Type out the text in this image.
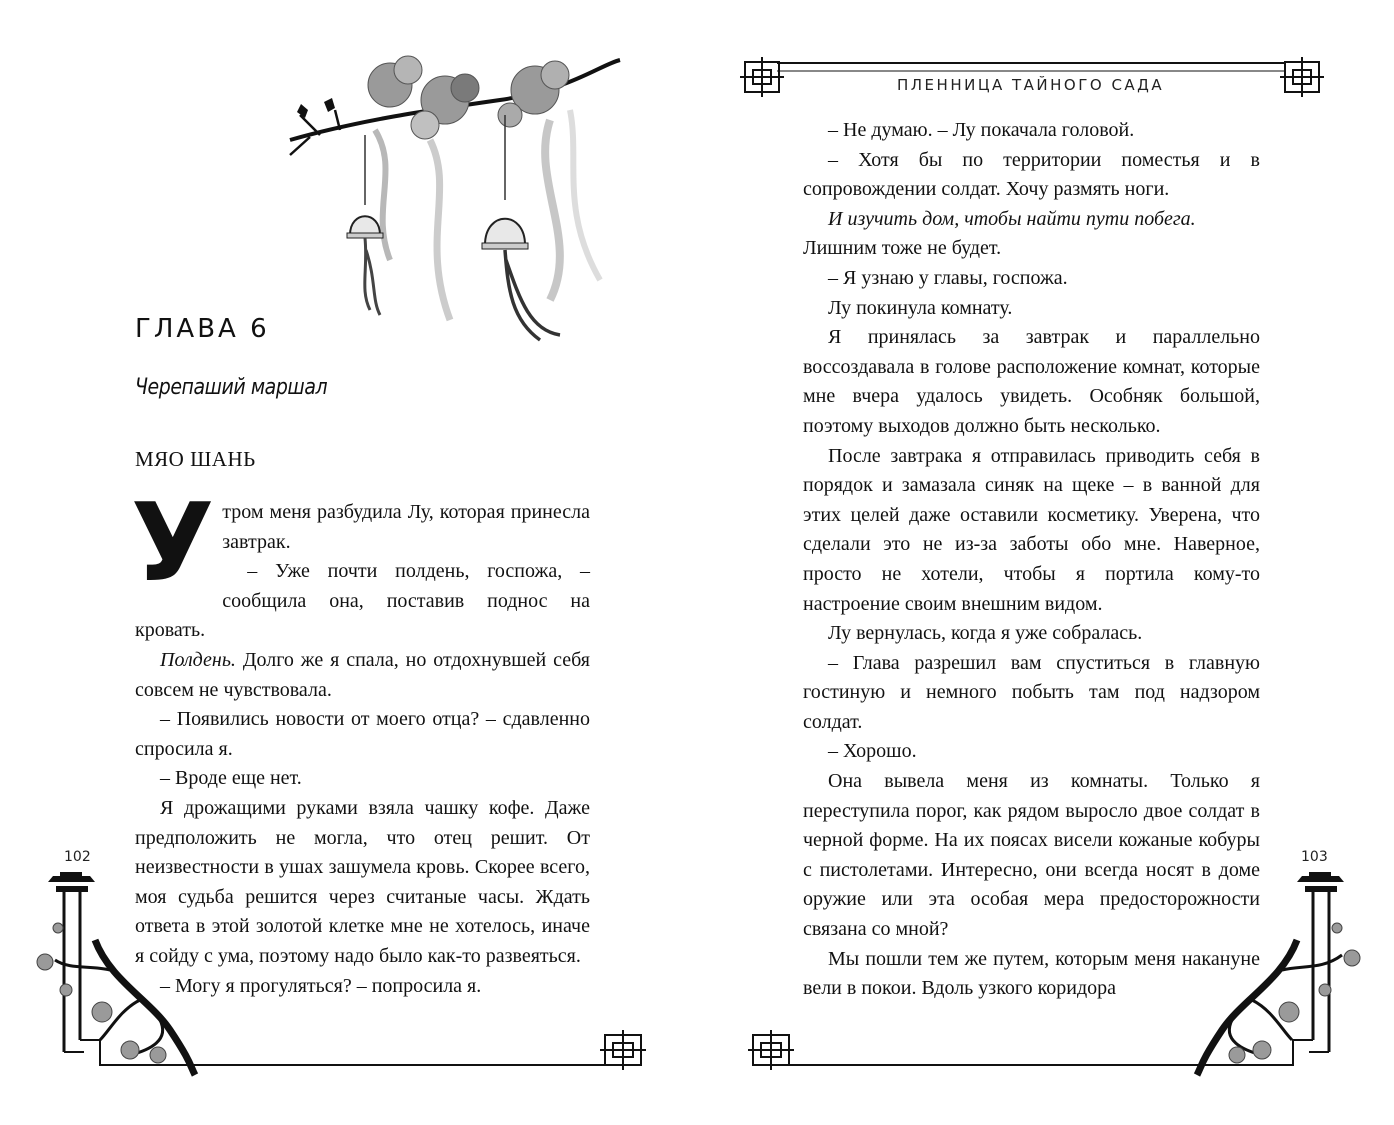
ГЛАВА 6
Черепаший маршал
МЯО ШАНЬ

Утром меня разбудила Лу, которая принесла завтрак.

– Уже почти полдень, госпожа, – сообщила она, поставив поднос на кровать.

Полдень. Долго же я спала, но отдохнувшей себя совсем не чувствовала.

– Появились новости от моего отца? – сдавленно спросила я.

– Вроде еще нет.

Я дрожащими руками взяла чашку кофе. Даже предположить не могла, что отец решит. От неизвестности в ушах зашумела кровь. Скорее всего, моя судьба решится через считаные часы. Ждать ответа в этой золотой клетке мне не хотелось, иначе я сойду с ума, поэтому надо было как-то развеяться.

– Могу я прогуляться? – попросила я.

102
ПЛЕННИЦА ТАЙНОГО САДА

– Не думаю. – Лу покачала головой.

– Хотя бы по территории поместья и в сопровождении солдат. Хочу размять ноги.

И изучить дом, чтобы найти пути побега.

Лишним тоже не будет.

– Я узнаю у главы, госпожа.

Лу покинула комнату.

Я принялась за завтрак и параллельно воссоздавала в голове расположение комнат, которые мне вчера удалось увидеть. Особняк большой, поэтому выходов должно быть несколько.

После завтрака я отправилась приводить себя в порядок и замазала синяк на щеке – в ванной для этих целей даже оставили косметику. Уверена, что сделали это не из-за заботы обо мне. Наверное, просто не хотели, чтобы я портила кому-то настроение своим внешним видом.

Лу вернулась, когда я уже собралась.

– Глава разрешил вам спуститься в главную гостиную и немного побыть там под надзором солдат.

– Хорошо.

Она вывела меня из комнаты. Только я переступила порог, как рядом выросло двое солдат в черной форме. На их поясах висели кожаные кобуры с пистолетами. Интересно, они всегда носят в доме оружие или эта особая мера предосторожности связана со мной?

Мы пошли тем же путем, которым меня накануне вели в покои. Вдоль узкого коридора

103
